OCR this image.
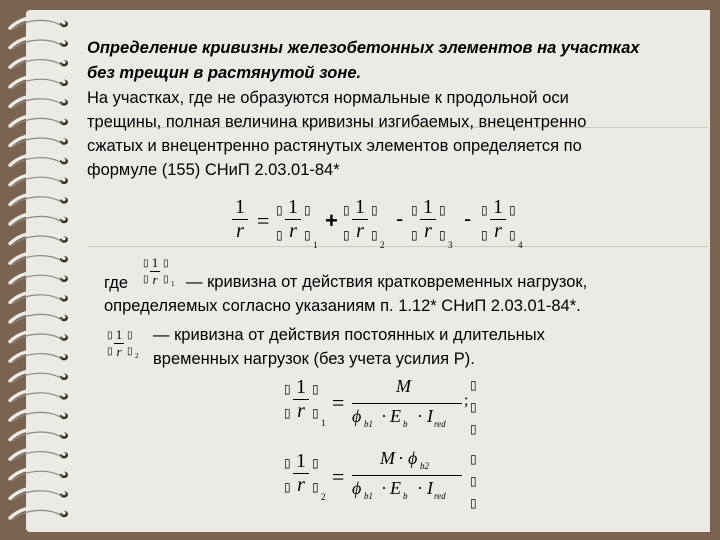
Определение кривизны железобетонных элементов на участках
без трещин в растянутой зоне.
На участках, где не образуются нормальные к продольной оси
трещины, полная величина кривизны изгибаемых, внецентренно
сжатых и внецентренно растянутых элементов определяется по
формуле (155) СНиП 2.03.01-84*
1
r = ▯
▯
1
r
▯
▯
1
+ ▯
▯
1
r
▯
▯
2
- ▯
▯
1
r
▯
▯
3
- ▯
▯
1
r
▯
▯
4
где
▯
▯
1
r
▯
▯ 1 — кривизна от действия кратковременных нагрузок,
определяемых согласно указаниям п. 1.12* СНиП 2.03.01-84*.
▯
▯
1
r
▯
▯ 2
— кривизна от действия постоянных и длительных
временных нагрузок (без учета усилия Р).
▯
▯
1
r
▯
▯
1
=
M
ϕ b1 · E b · I red
;
▯
▯
▯
▯
▯
1
r
▯
▯
2
=
M · ϕ b2
ϕ b1 · E b · I red
▯
▯
▯
